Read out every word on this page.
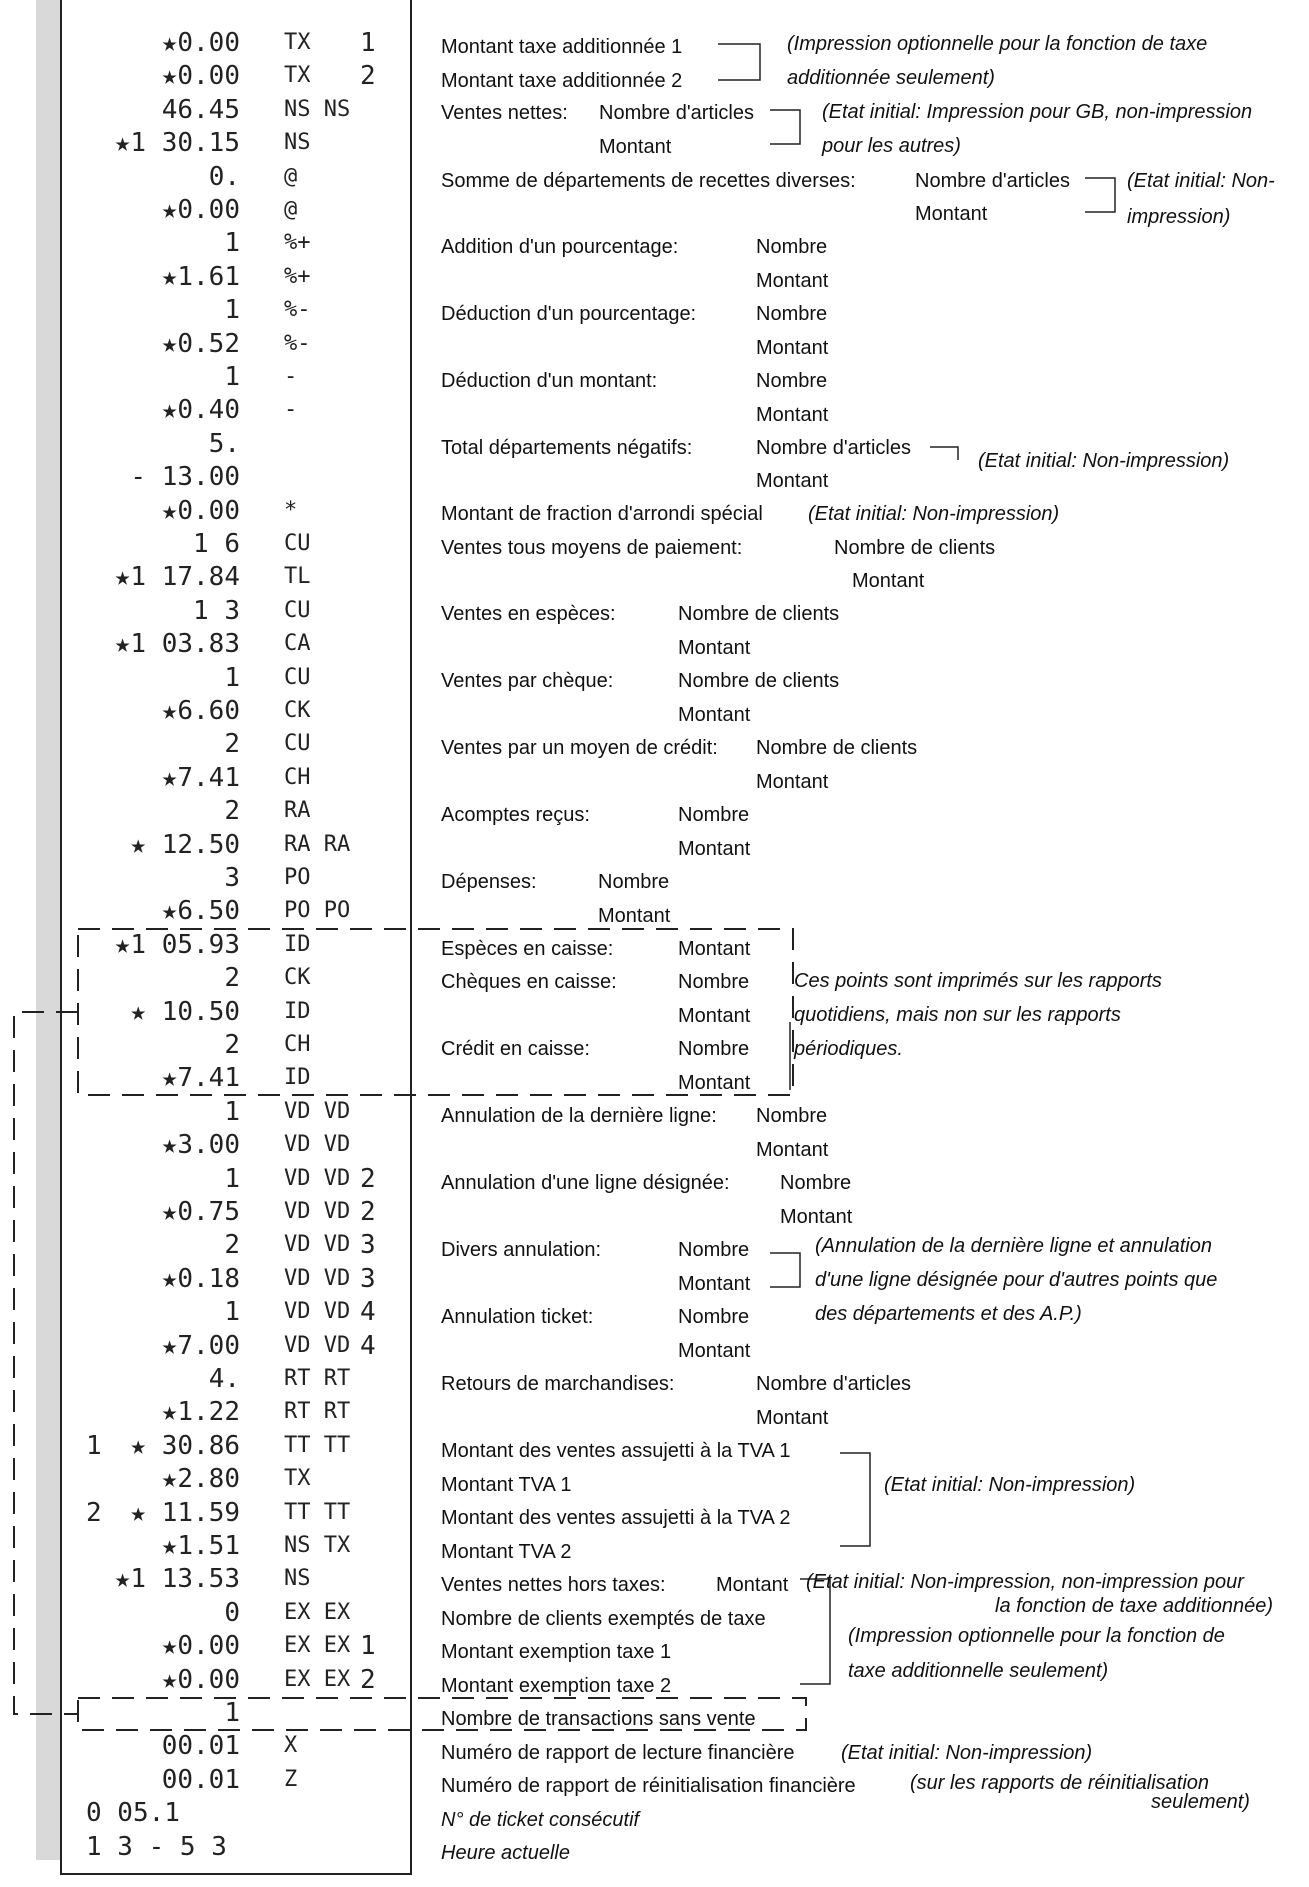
★0.00 TX 1
★0.00 TX 2
46.45 NS NS
★1 30.15 NS
0. @
★0.00 @
1 %+
★1.61 %+
1 %-
★0.52 %-
1 -
★0.40 -
5.
- 13.00
★0.00 *
1 6 CU
★1 17.84 TL
1 3 CU
★1 03.83 CA
1 CU
★6.60 CK
2 CU
★7.41 CH
2 RA
★ 12.50 RA RA
3 PO
★6.50 PO PO
★1 05.93 ID
2 CK
★ 10.50 ID
2 CH
★7.41 ID
1 VD VD
★3.00 VD VD
1 VD VD 2
★0.75 VD VD 2
2 VD VD 3
★0.18 VD VD 3
1 VD VD 4
★7.00 VD VD 4
4. RT RT
★1.22 RT RT
1 ★ 30.86 TT TT
★2.80 TX
2 ★ 11.59 TT TT
★1.51 NS TX
★1 13.53 NS
0 EX EX
★0.00 EX EX 1
★0.00 EX EX 2
1
00.01 X
00.01 Z
0 05.1
1 3 - 5 3
Montant taxe additionnée 1
Montant taxe additionnée 2
(Impression optionnelle pour la fonction de taxe
additionnée seulement)
Ventes nettes: Nombre d'articles
Montant
(Etat initial: Impression pour GB, non-impression
pour les autres)
Somme de départements de recettes diverses:	Nombre d'articles
Montant
(Etat initial: Non-
impression)
Addition d'un pourcentage:	Nombre
Montant
Déduction d'un pourcentage:	Nombre
Montant
Déduction d'un montant:	Nombre
Montant
Total départements négatifs:	Nombre d'articles
Montant
(Etat initial: Non-impression)
Montant de fraction d'arrondi spécial (Etat initial: Non-impression)
Ventes tous moyens de paiement:	Nombre de clients
Montant
Ventes en espèces:	Nombre de clients
Montant
Ventes par chèque:	Nombre de clients
Montant
Ventes par un moyen de crédit: Nombre de clients
Montant
Acomptes reçus:	Nombre
Montant
Dépenses:	Nombre
Montant
Espèces en caisse:	Montant
Chèques en caisse:	Nombre
Montant
Crédit en caisse:	Nombre
Montant
Ces points sont imprimés sur les rapports
quotidiens, mais non sur les rapports
périodiques.
Annulation de la dernière ligne: Nombre
Montant
Annulation d'une ligne désignée:	Nombre
Montant
Divers annulation:	Nombre
Montant
(Annulation de la dernière ligne et annulation
d'une ligne désignée pour d'autres points que
des départements et des A.P.)
Annulation ticket:	Nombre
Montant
Retours de marchandises:	Nombre d'articles
Montant
Montant des ventes assujetti à la TVA 1
Montant TVA 1
Montant des ventes assujetti à la TVA 2
Montant TVA 2
(Etat initial: Non-impression)
Ventes nettes hors taxes:	Montant (Etat initial: Non-impression, non-impression pour
la fonction de taxe additionnée)
Nombre de clients exemptés de taxe
Montant exemption taxe 1
Montant exemption taxe 2
(Impression optionnelle pour la fonction de
taxe additionnelle seulement)
Nombre de transactions sans vente
Numéro de rapport de lecture financière (Etat initial: Non-impression)
Numéro de rapport de réinitialisation financière	(sur les rapports de réinitialisation
seulement)
N° de ticket consécutif
Heure actuelle
